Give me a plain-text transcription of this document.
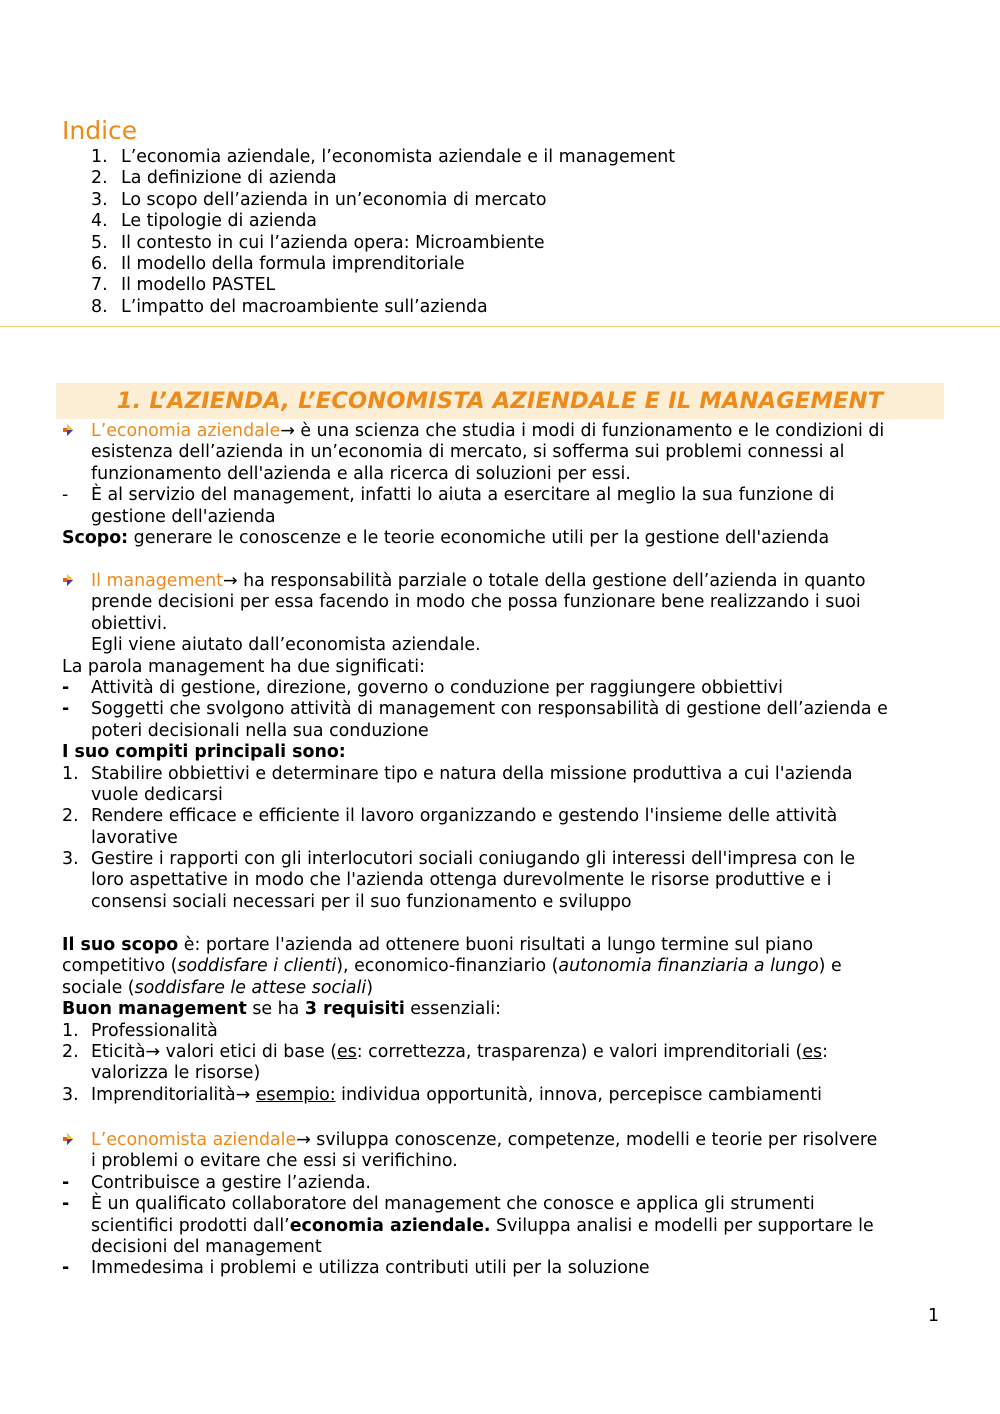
Indice
1. L’economia aziendale, l’economista aziendale e il management
2. La definizione di azienda
3. Lo scopo dell’azienda in un’economia di mercato
4. Le tipologie di azienda
5. Il contesto in cui l’azienda opera: Microambiente
6. Il modello della formula imprenditoriale
7. Il modello PASTEL
8. L’impatto del macroambiente sull’azienda
1. L’AZIENDA, L’ECONOMISTA AZIENDALE E IL MANAGEMENT
L’economia aziendale→ è una scienza che studia i modi di funzionamento e le condizioni di
esistenza dell’azienda in un’economia di mercato, si sofferma sui problemi connessi al
funzionamento dell'azienda e alla ricerca di soluzioni per essi.
- È al servizio del management, infatti lo aiuta a esercitare al meglio la sua funzione di
gestione dell'azienda
Scopo: generare le conoscenze e le teorie economiche utili per la gestione dell'azienda
Il management→ ha responsabilità parziale o totale della gestione dell’azienda in quanto
prende decisioni per essa facendo in modo che possa funzionare bene realizzando i suoi
obiettivi.
Egli viene aiutato dall’economista aziendale.
La parola management ha due significati:
- Attività di gestione, direzione, governo o conduzione per raggiungere obbiettivi
- Soggetti che svolgono attività di management con responsabilità di gestione dell’azienda e
poteri decisionali nella sua conduzione
I suo compiti principali sono:
1. Stabilire obbiettivi e determinare tipo e natura della missione produttiva a cui l'azienda
vuole dedicarsi
2. Rendere efficace e efficiente il lavoro organizzando e gestendo l'insieme delle attività
lavorative
3. Gestire i rapporti con gli interlocutori sociali coniugando gli interessi dell'impresa con le
loro aspettative in modo che l'azienda ottenga durevolmente le risorse produttive e i
consensi sociali necessari per il suo funzionamento e sviluppo
Il suo scopo è: portare l'azienda ad ottenere buoni risultati a lungo termine sul piano
competitivo (soddisfare i clienti), economico-finanziario (autonomia finanziaria a lungo) e
sociale (soddisfare le attese sociali)
Buon management se ha 3 requisiti essenziali:
1. Professionalità
2. Eticità→ valori etici di base (es: correttezza, trasparenza) e valori imprenditoriali (es:
valorizza le risorse)
3. Imprenditorialità→ esempio: individua opportunità, innova, percepisce cambiamenti
L’economista aziendale→ sviluppa conoscenze, competenze, modelli e teorie per risolvere
i problemi o evitare che essi si verifichino.
- Contribuisce a gestire l’azienda.
- È un qualificato collaboratore del management che conosce e applica gli strumenti
scientifici prodotti dall’economia aziendale. Sviluppa analisi e modelli per supportare le
decisioni del management
- Immedesima i problemi e utilizza contributi utili per la soluzione
1
